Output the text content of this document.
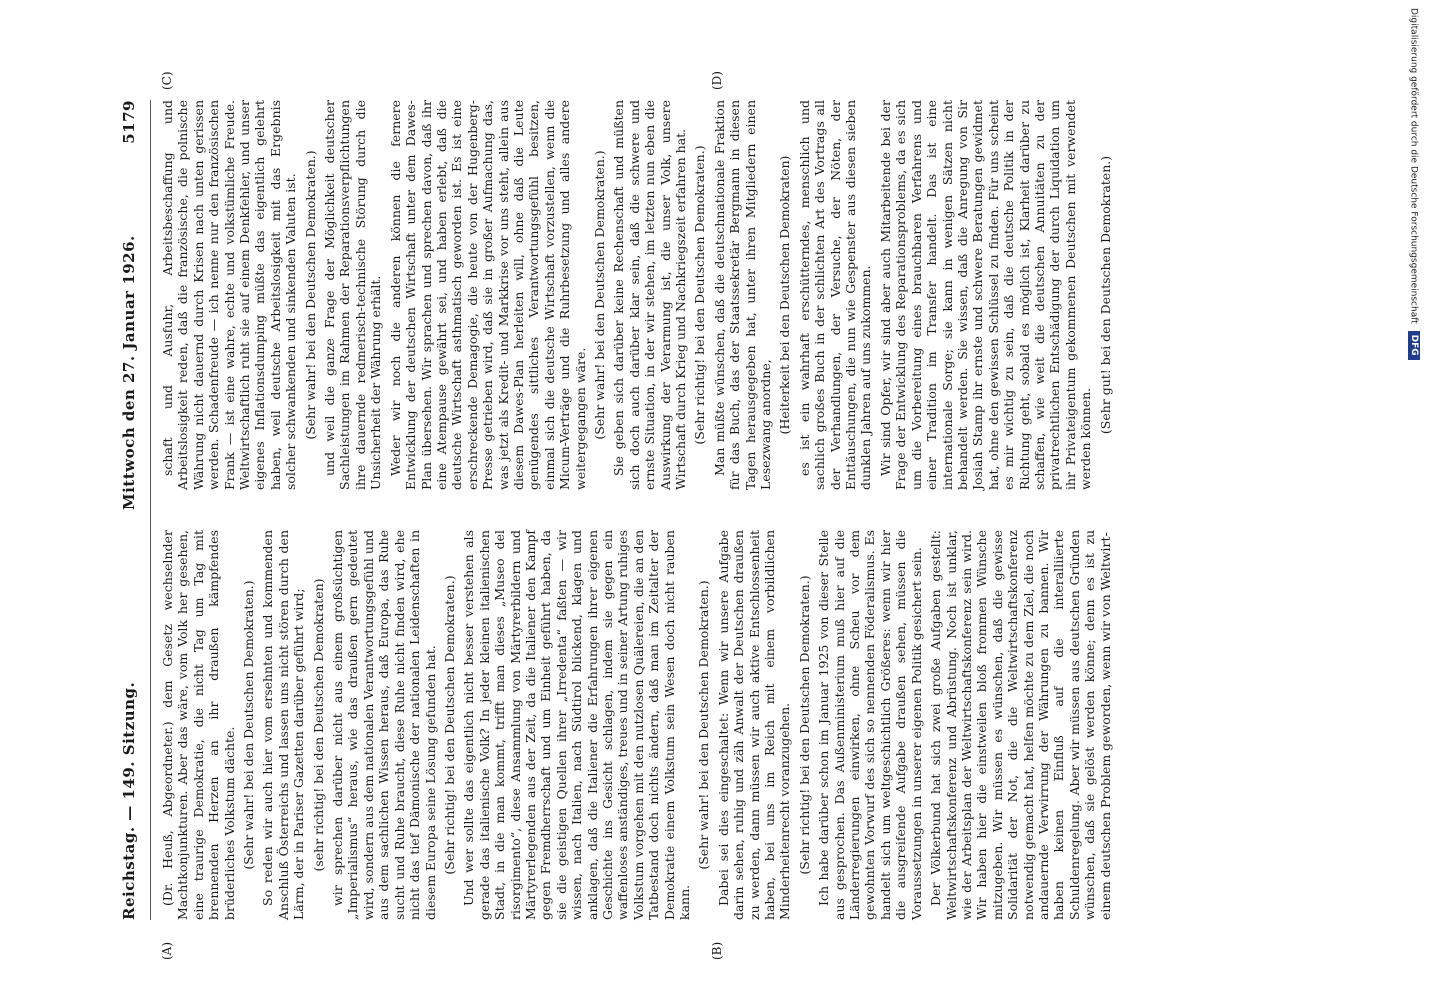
Reichstag. — 149. Sitzung.
Mittwoch den 27. Januar 1926.
5179
(A)	(B)
(C)	(D)

(Dr. Heuß, Abgeordneter.) dem Gesetz wechselnder Machtkonjunkturen. Aber das wäre, vom Volk her gesehen, eine traurige Demokratie, die nicht Tag um Tag mit brennenden Herzen an ihr draußen kämpfendes brüderliches Volkstum dächte. (Sehr wahr! bei den Deutschen Demokraten.) So reden wir auch hier vom ersehnten und kommenden Anschluß Österreichs und lassen uns nicht stören durch den Lärm, der in Pariser Gazetten darüber geführt wird; (sehr richtig! bei den Deutschen Demokraten) wir sprechen darüber nicht aus einem großsüchtigen „Imperialismus“ heraus, wie das draußen gern gedeutet wird, sondern aus dem nationalen Verantwortungsgefühl und aus dem sachlichen Wissen heraus, daß Europa, das Ruhe sucht und Ruhe braucht, diese Ruhe nicht finden wird, ehe nicht das tief Dämonische der nationalen Leidenschaften in diesem Europa seine Lösung gefunden hat. (Sehr richtig! bei den Deutschen Demokraten.) Und wer sollte das eigentlich nicht besser verstehen als gerade das italienische Volk? In jeder kleinen italienischen Stadt, in die man kommt, trifft man dieses „Museo del risorgimento“, diese Ansammlung von Märtyrerbildern und Märtyrerlegenden aus der Zeit, da die Italiener den Kampf gegen Fremdherrschaft und um Einheit geführt haben, da sie die geistigen Quellen ihrer „Irredenta“ faßten — wir wissen, nach Italien, nach Südtirol blickend, klagen und anklagen, daß die Italiener die Erfahrungen ihrer eigenen Geschichte ins Gesicht schlagen, indem sie gegen ein waffenloses anständiges, treues und in seiner Artung ruhiges Volkstum vorgehen mit den nutzlosen Quälereien, die an den Tatbestand doch nichts ändern, daß man im Zeitalter der Demokratie einem Volkstum sein Wesen doch nicht rauben kann.

(Sehr wahr! bei den Deutschen Demokraten.) Dabei sei dies eingeschaltet: Wenn wir unsere Aufgabe darin sehen, ruhig und zäh Anwalt der Deutschen draußen zu werden, dann müssen wir auch aktive Entschlossenheit haben, bei uns im Reich mit einem vorbildlichen Minderheitenrecht voranzugehen. (Sehr richtig! bei den Deutschen Demokraten.) Ich habe darüber schon im Januar 1925 von dieser Stelle aus gesprochen. Das Außenministerium muß hier auf die Länderregierungen einwirken, ohne Scheu vor dem gewohnten Vorwurf des sich so nennenden Föderalismus. Es handelt sich um weltgeschichtlich Größeres: wenn wir hier die ausgreifende Aufgabe draußen sehen, müssen die Voraussetzungen in unserer eigenen Politik gesichert sein. Der Völkerbund hat sich zwei große Aufgaben gestellt: Weltwirtschaftskonferenz und Abrüstung. Noch ist unklar, wie der Arbeitsplan der Weltwirtschaftskonferenz sein wird. Wir haben hier die einstweilen bloß frommen Wünsche mitzugeben. Wir müssen es wünschen, daß die gewisse Solidarität der Not, die die Weltwirtschaftskonferenz notwendig gemacht hat, helfen möchte zu dem Ziel, die noch andauernde Verwirrung der Währungen zu bannen. Wir haben keinen Einfluß auf die interalliierte Schuldenregelung. Aber wir müssen aus deutschen Gründen wünschen, daß sie gelöst werden könne; denn es ist zu einem deutschen Problem geworden, wenn wir von Weltwirt-

schaft und Ausfuhr, Arbeitsbeschaffung und Arbeitslosigkeit reden, daß die französische, die polnische Währung nicht dauernd durch Krisen nach unten gerissen werden. Schadenfreude — ich nenne nur den französischen Frank — ist eine wahre, echte und volkstümliche Freude. Weltwirtschaftlich ruht sie auf einem Denkfehler, und unser eigenes Inflationsdumping müßte das eigentlich gelehrt haben, weil deutsche Arbeitslosigkeit mit das Ergebnis solcher schwankenden und sinkenden Valuten ist. (Sehr wahr! bei den Deutschen Demokraten.) und weil die ganze Frage der Möglichkeit deutscher Sachleistungen im Rahmen der Reparationsverpflichtungen ihre dauernde redmerisch-technische Störung durch die Unsicherheit der Währung erhält. Weder wir noch die anderen können die fernere Entwicklung der deutschen Wirtschaft unter dem Dawes-Plan übersehen. Wir sprachen und sprechen davon, daß ihr eine Atempause gewährt sei, und haben erlebt, daß die deutsche Wirtschaft asthmatisch geworden ist. Es ist eine erschreckende Demagogie, die heute von der Hugenberg-Presse getrieben wird, daß sie in großer Aufmachung das, was jetzt als Kredit- und Markkrise vor uns steht, allein aus diesem Dawes-Plan herleiten will, ohne daß die Leute genügendes sittliches Verantwortungsgefühl besitzen, einmal sich die deutsche Wirtschaft vorzustellen, wenn die Micum-Verträge und die Ruhrbesetzung und alles andere weitergegangen wäre. (Sehr wahr! bei den Deutschen Demokraten.) Sie geben sich darüber keine Rechenschaft und müßten sich doch auch darüber klar sein, daß die schwere und ernste Situation, in der wir stehen, im letzten nun eben die Auswirkung der Verarmung ist, die unser Volk, unsere Wirtschaft durch Krieg und Nachkriegszeit erfahren hat. (Sehr richtig! bei den Deutschen Demokraten.) Man müßte wünschen, daß die deutschnationale Fraktion für das Buch, das der Staatssekretär Bergmann in diesen Tagen herausgegeben hat, unter ihren Mitgliedern einen Lesezwang anordne, (Heiterkeit bei den Deutschen Demokraten) es ist ein wahrhaft erschütterndes, menschlich und sachlich großes Buch in der schlichten Art des Vortrags all der Verhandlungen, der Versuche, der Nöten, der Enttäuschungen, die nun wie Gespenster aus diesen sieben dunklen Jahren auf uns zukommen. Wir sind Opfer, wir sind aber auch Mitarbeitende bei der Frage der Entwicklung des Reparationsproblems, da es sich um die Vorbereitung eines brauchbaren Verfahrens und einer Tradition im Transfer handelt. Das ist eine internationale Sorge; sie kann in wenigen Sätzen nicht behandelt werden. Sie wissen, daß die Anregung von Sir Josiah Stamp ihr ernste und schwere Beratungen gewidmet hat, ohne den gewissen Schlüssel zu finden. Für uns scheint es mir wichtig zu sein, daß die deutsche Politik in der Richtung geht, sobald es möglich ist, Klarheit darüber zu schaffen, wie weit die deutschen Annuitäten zu der privatrechtlichen Entschädigung der durch Liquidation um ihr Privateigentum gekommenen Deutschen mit verwendet werden können.

(Sehr gut! bei den Deutschen Demokraten.)	Digitalisierung gefördert durch die Deutsche Forschungsgemeinschaft DFG
